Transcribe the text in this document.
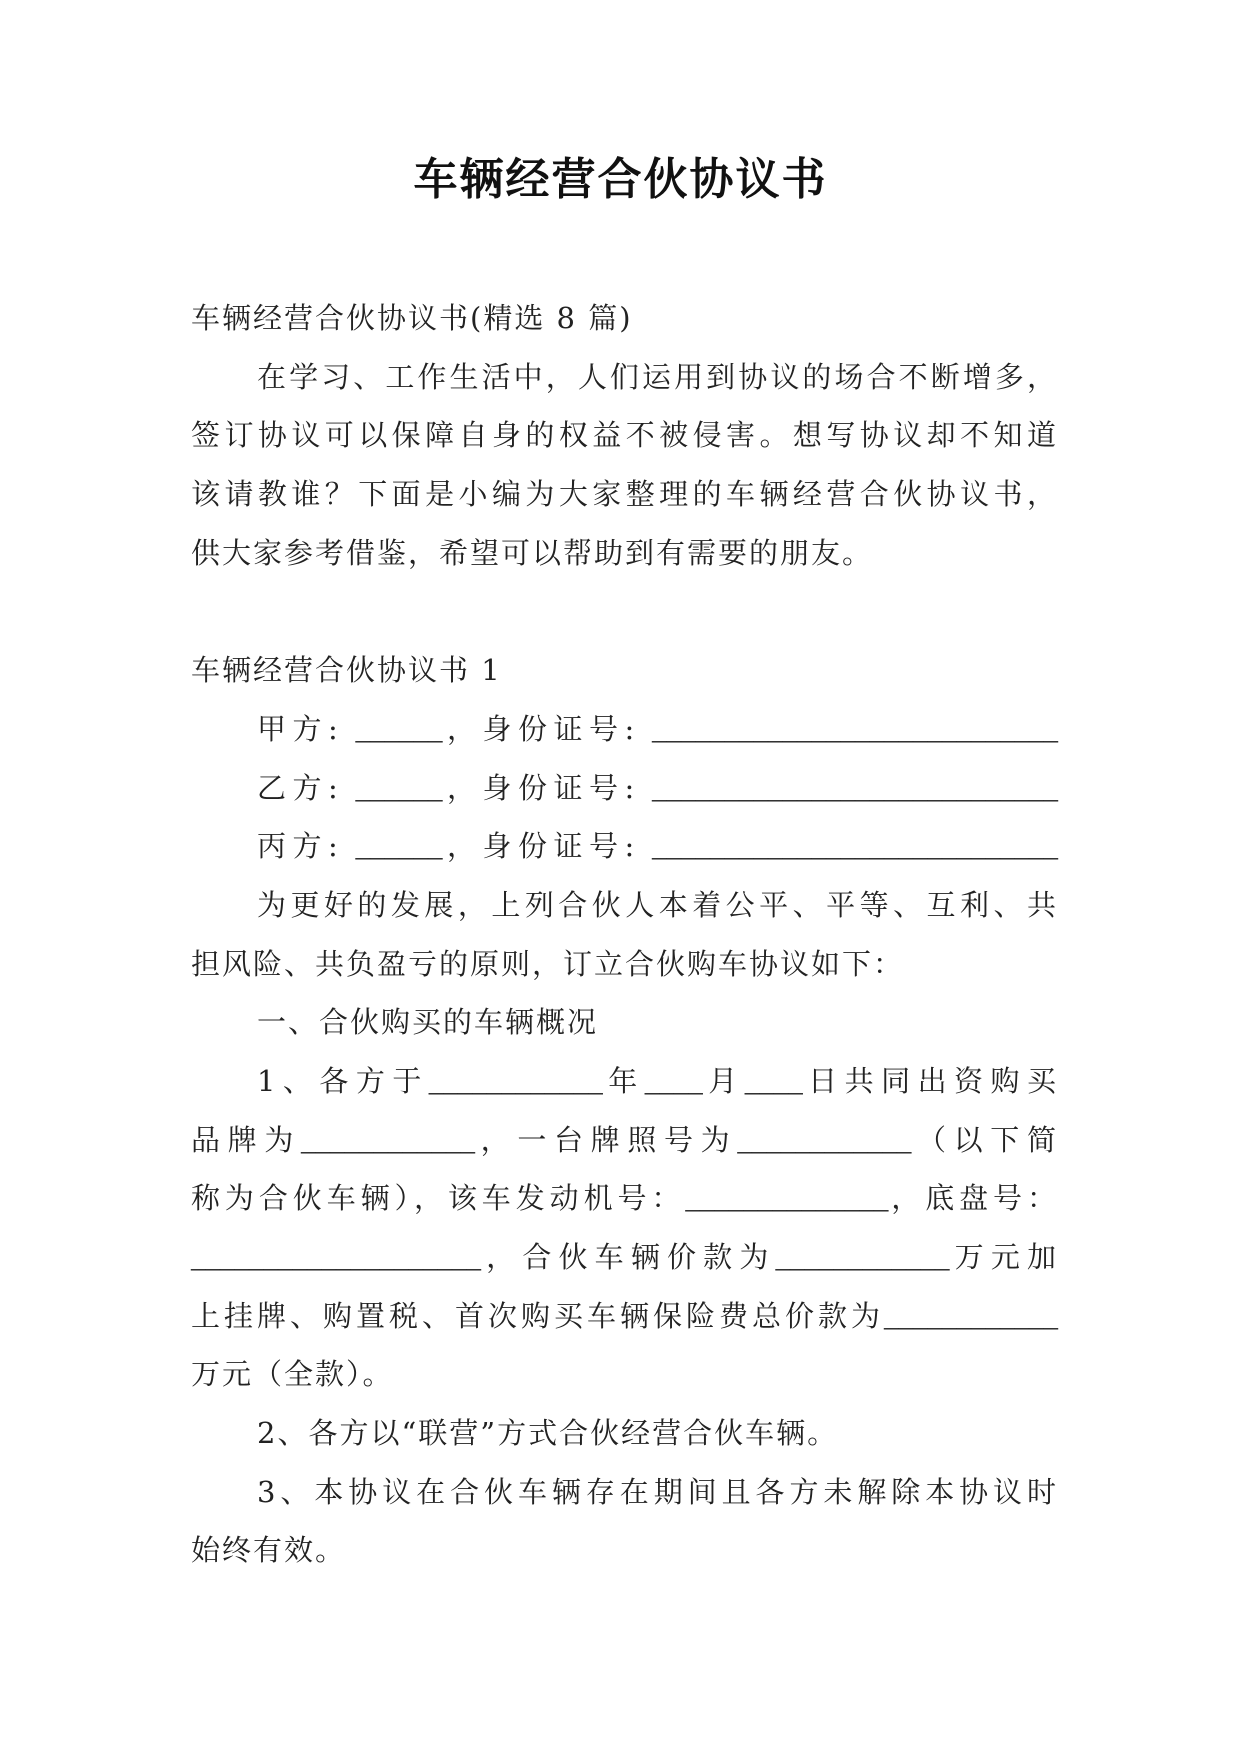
车辆经营合伙协议书
车辆经营合伙协议书(精选 8 篇)
在学习、工作生活中，人们运用到协议的场合不断增多，
签订协议可以保障自身的权益不被侵害。想写协议却不知道
该请教谁？下面是小编为大家整理的车辆经营合伙协议书，
供大家参考借鉴，希望可以帮助到有需要的朋友。
车辆经营合伙协议书 1
甲方: ______，身份证号: ____________________________
乙方: ______，身份证号: ____________________________
丙方: ______，身份证号: ____________________________
为更好的发展，上列合伙人本着公平、平等、互利、共
担风险、共负盈亏的原则，订立合伙购车协议如下：
一、合伙购买的车辆概况
1、各方于____________年____月____日共同出资购买
品牌为____________，一台牌照号为____________（以下简
称为合伙车辆），该车发动机号：______________，底盘号：
____________________，合伙车辆价款为____________万元加
上挂牌、购置税、首次购买车辆保险费总价款为____________
万元（全款）。
2、各方以“联营”方式合伙经营合伙车辆。
3、本协议在合伙车辆存在期间且各方未解除本协议时
始终有效。
